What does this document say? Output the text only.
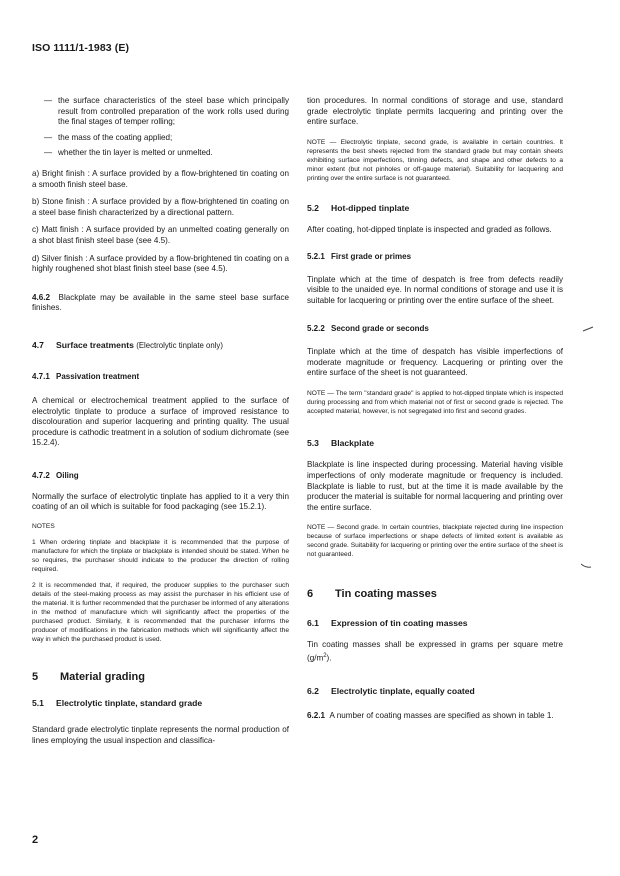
ISO 1111/1-1983 (E)
— the surface characteristics of the steel base which principally result from controlled preparation of the work rolls used during the final stages of temper rolling;
— the mass of the coating applied;
— whether the tin layer is melted or unmelted.

a) Bright finish : A surface provided by a flow-brightened tin coating on a smooth finish steel base.

b) Stone finish : A surface provided by a flow-brightened tin coating on a steel base finish characterized by a directional pattern.

c) Matt finish : A surface provided by an unmelted coating generally on a shot blast finish steel base (see 4.5).

d) Silver finish : A surface provided by a flow-brightened tin coating on a highly roughened shot blast finish steel base (see 4.5).

4.6.2 Blackplate may be available in the same steel base surface finishes.

4.7 Surface treatments (Electrolytic tinplate only)
4.7.1 Passivation treatment

A chemical or electrochemical treatment applied to the surface of electrolytic tinplate to produce a surface of improved resistance to discolouration and superior lacquering and printing quality. The usual procedure is cathodic treatment in a solution of sodium dichromate (see 15.2.4).

4.7.2 Oiling

Normally the surface of electrolytic tinplate has applied to it a very thin coating of an oil which is suitable for food packaging (see 15.2.1).

NOTES

1 When ordering tinplate and blackplate it is recommended that the purpose of manufacture for which the tinplate or blackplate is intended should be stated. When he so requires, the purchaser should indicate to the producer the direction of rolling required.

2 It is recommended that, if required, the producer supplies to the purchaser such details of the steel-making process as may assist the purchaser in his efficient use of the material. It is further recommended that the purchaser be informed of any alterations in the method of manufacture which will significantly affect the properties of the purchased product. Similarly, it is recommended that the purchaser informs the producer of modifications in the fabrication methods which will significantly affect the way in which the purchased product is used.

5 Material grading
5.1 Electrolytic tinplate, standard grade

Standard grade electrolytic tinplate represents the normal production of lines employing the usual inspection and classifica-

tion procedures. In normal conditions of storage and use, standard grade electrolytic tinplate permits lacquering and printing over the entire surface.

NOTE — Electrolytic tinplate, second grade, is available in certain countries. It represents the best sheets rejected from the standard grade but may contain sheets exhibiting surface imperfections, tinning defects, and shape and other defects to a minor extent (but not pinholes or off-gauge material). Suitability for lacquering and printing over the entire surface is not guaranteed.

5.2 Hot-dipped tinplate

After coating, hot-dipped tinplate is inspected and graded as follows.

5.2.1 First grade or primes

Tinplate which at the time of despatch is free from defects readily visible to the unaided eye. In normal conditions of storage and use it is suitable for lacquering or printing over the entire surface of the sheet.

5.2.2 Second grade or seconds

Tinplate which at the time of despatch has visible imperfections of moderate magnitude or frequency. Lacquering or printing over the entire surface of the sheet is not guaranteed.

NOTE — The term "standard grade" is applied to hot-dipped tinplate which is inspected during processing and from which material not of first or second grade is rejected. The accepted material, however, is not segregated into first and second grades.

5.3 Blackplate

Blackplate is line inspected during processing. Material having visible imperfections of only moderate magnitude or frequency is included. Blackplate is liable to rust, but at the time it is made available by the producer the material is suitable for normal lacquering and printing over the entire surface.

NOTE — Second grade. In certain countries, blackplate rejected during line inspection because of surface imperfections or shape defects of limited extent is available as second grade. Suitability for lacquering or printing over the entire surface of the sheet is not guaranteed.

6 Tin coating masses
6.1 Expression of tin coating masses

Tin coating masses shall be expressed in grams per square metre $(g/m^2)$.

6.2 Electrolytic tinplate, equally coated

6.2.1 A number of coating masses are specified as shown in table 1.

2
